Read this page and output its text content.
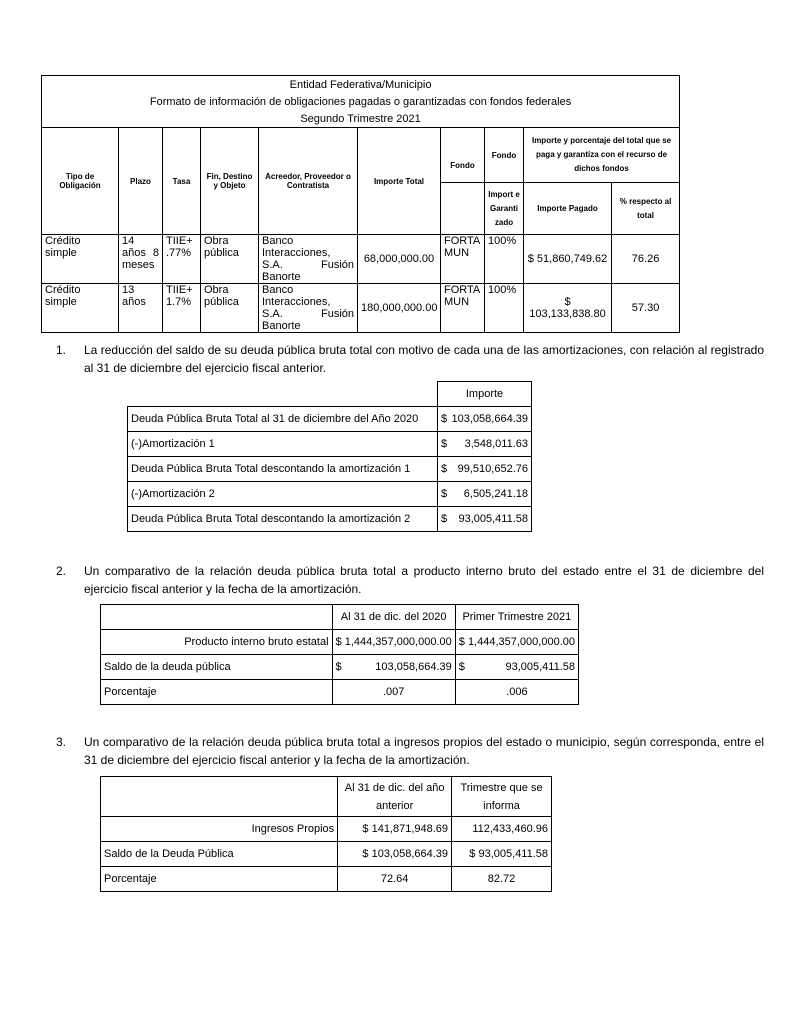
Entidad Federativa/Municipio									
Formato de información de obligaciones pagadas o garantizadas con fondos federales									
Segundo Trimestre 2021									
Tipo de Obligación	Plazo	Tasa	Fin, Destino y Objeto	Acreedor, Proveedor o Contratista	Importe Total	Fondo	Fondo	Importe y porcentaje del total que se paga y garantiza con el recurso de dichos fondos	
							Import e Garanti zado	Importe Pagado	% respecto al total
Crédito simple	14 años 8 meses	TIIE+ .77%	Obra pública	Banco Interacciones, S.A. Fusión Banorte	68,000,000.00	FORTA MUN	100%	$ 51,860,749.62	76.26
Crédito simple	13 años	TIIE+ 1.7%	Obra pública	Banco Interacciones, S.A. Fusión Banorte	180,000,000.00	FORTA MUN	100%	$ 103,133,838.80	57.30
1. La reducción del saldo de su deuda pública bruta total con motivo de cada una de las amortizaciones, con relación al registrado al 31 de diciembre del ejercicio fiscal anterior.
	Importe
Deuda Pública Bruta Total al 31 de diciembre del Año 2020	$ 103,058,664.39

(-)Amortización 1	$ 3,548,011.63

Deuda Pública Bruta Total descontando la amortización 1	$ 99,510,652.76

(-)Amortización 2	$ 6,505,241.18

Deuda Pública Bruta Total descontando la amortización 2	$ 93,005,411.58
2. Un comparativo de la relación deuda pública bruta total a producto interno bruto del estado entre el 31 de diciembre del ejercicio fiscal anterior y la fecha de la amortización.
	Al 31 de dic. del 2020	Primer Trimestre 2021
Producto interno bruto estatal	$ 1,444,357,000,000.00	$ 1,444,357,000,000.00
Saldo de la deuda pública	$ 103,058,664.39	$ 93,005,411.58

Porcentaje	.007	.006
3. Un comparativo de la relación deuda pública bruta total a ingresos propios del estado o municipio, según corresponda, entre el 31 de diciembre del ejercicio fiscal anterior y la fecha de la amortización.
	Al 31 de dic. del año anterior	Trimestre que se informa
Ingresos Propios	$ 141,871,948.69	112,433,460.96
Saldo de la Deuda Pública	$ 103,058,664.39	$ 93,005,411.58
Porcentaje	72.64	82.72
